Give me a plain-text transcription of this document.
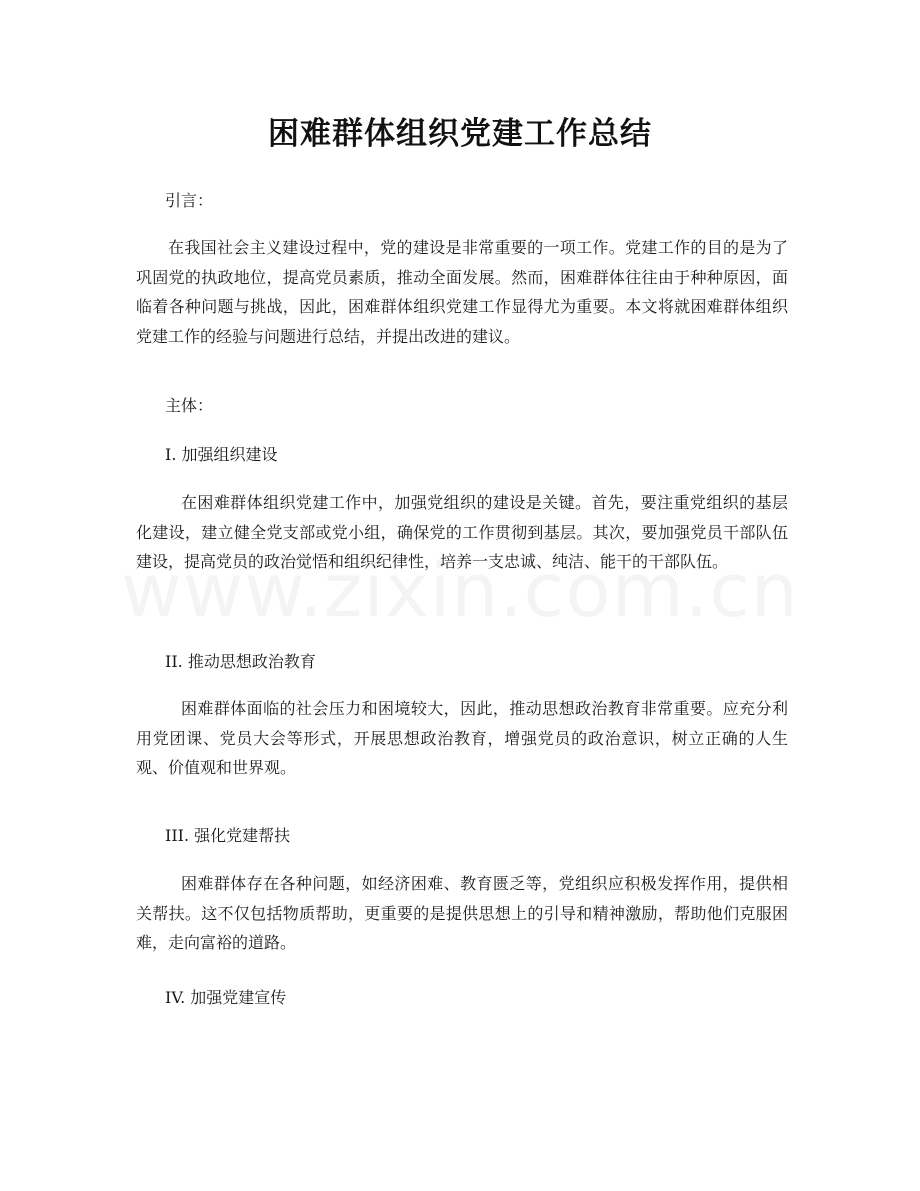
困难群体组织党建工作总结
引言：
在我国社会主义建设过程中，党的建设是非常重要的一项工作。党建工作的目的是为了巩固党的执政地位，提高党员素质，推动全面发展。然而，困难群体往往由于种种原因，面临着各种问题与挑战，因此，困难群体组织党建工作显得尤为重要。本文将就困难群体组织党建工作的经验与问题进行总结，并提出改进的建议。
主体：
I. 加强组织建设
在困难群体组织党建工作中，加强党组织的建设是关键。首先，要注重党组织的基层化建设，建立健全党支部或党小组，确保党的工作贯彻到基层。其次，要加强党员干部队伍建设，提高党员的政治觉悟和组织纪律性，培养一支忠诚、纯洁、能干的干部队伍。
II. 推动思想政治教育
困难群体面临的社会压力和困境较大，因此，推动思想政治教育非常重要。应充分利用党团课、党员大会等形式，开展思想政治教育，增强党员的政治意识，树立正确的人生观、价值观和世界观。
III. 强化党建帮扶
困难群体存在各种问题，如经济困难、教育匮乏等，党组织应积极发挥作用，提供相关帮扶。这不仅包括物质帮助，更重要的是提供思想上的引导和精神激励，帮助他们克服困难，走向富裕的道路。
IV. 加强党建宣传
